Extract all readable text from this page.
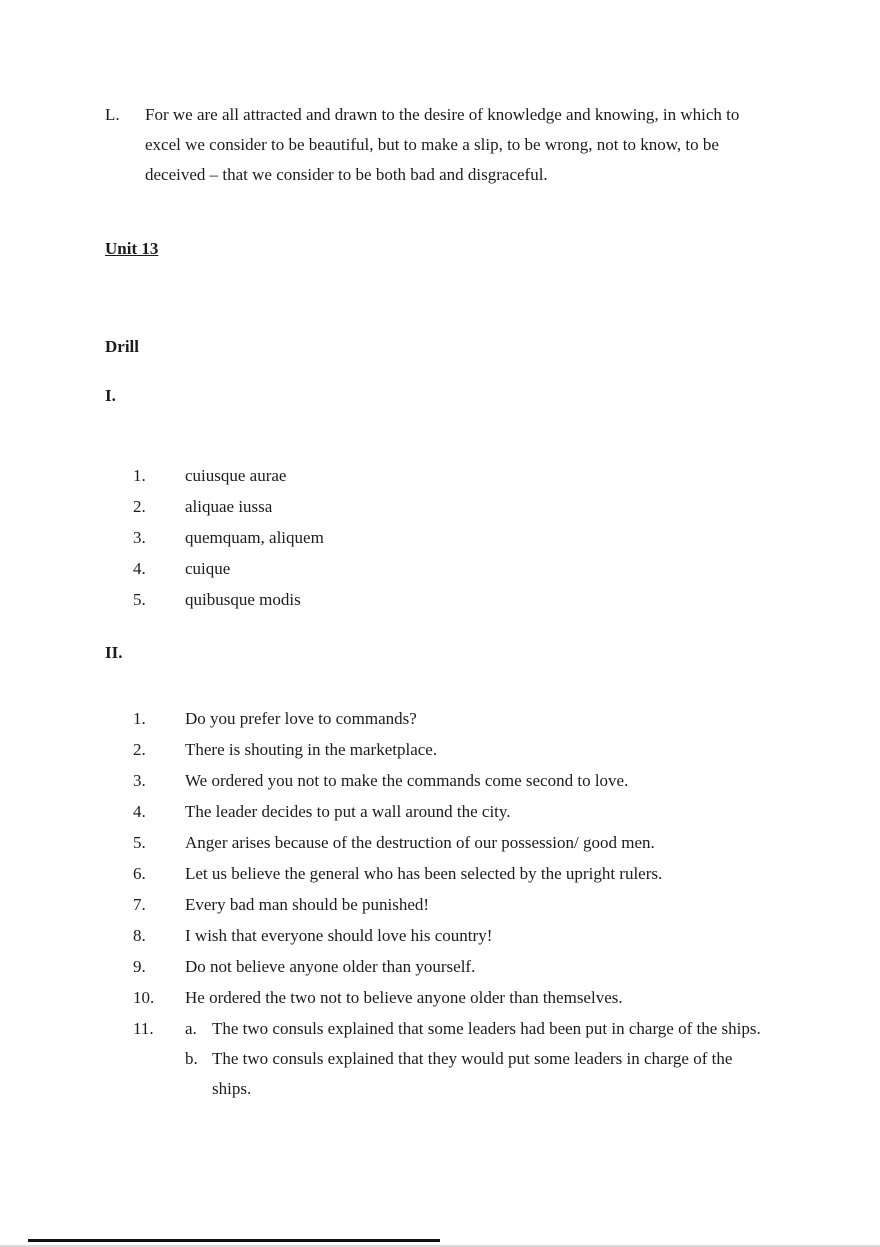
L.	For we are all attracted and drawn to the desire of knowledge and knowing, in which to excel we consider to be beautiful, but to make a slip, to be wrong, not to know, to be deceived – that we consider to be both bad and disgraceful.

Unit 13
Drill
I.
1.	cuiusque aurae
2.	aliquae iussa
3.	quemquam, aliquem
4.	cuique
5.	quibusque modis
II.
1.	Do you prefer love to commands?
2.	There is shouting in the marketplace.
3.	We ordered you not to make the commands come second to love.
4.	The leader decides to put a wall around the city.
5.	Anger arises because of the destruction of our possession/ good men.
6.	Let us believe the general who has been selected by the upright rulers.
7.	Every bad man should be punished!
8.	I wish that everyone should love his country!
9.	Do not believe anyone older than yourself.
10.	He ordered the two not to believe anyone older than themselves.
11.	a. The two consuls explained that some leaders had been put in charge of the ships.
b. The two consuls explained that they would put some leaders in charge of the ships.
